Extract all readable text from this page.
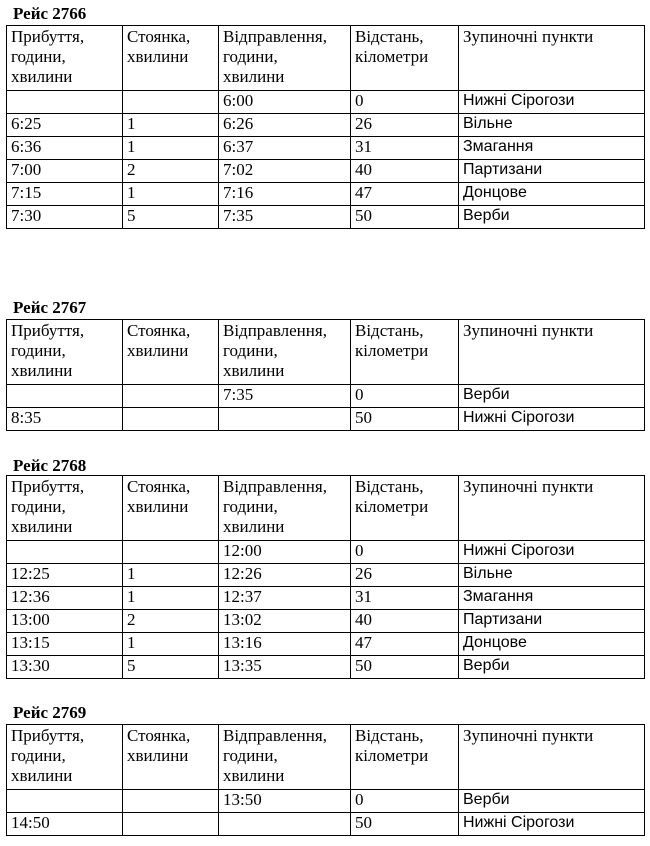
Рейс 2766
Прибуття,
години,
хвилини	Стоянка,
хвилини	Відправлення,
години,
хвилини	Відстань,
кілометри	Зупиночні пункти

		6:00	0	Нижні Сірогози
6:25	1	6:26	26	Вільне
6:36	1	6:37	31	Змагання
7:00	2	7:02	40	Партизани
7:15	1	7:16	47	Донцове
7:30	5	7:35	50	Верби
Рейс 2767
Прибуття,
години,
хвилини	Стоянка,
хвилини	Відправлення,
години,
хвилини	Відстань,
кілометри	Зупиночні пункти

		7:35	0	Верби
8:35			50	Нижні Сірогози
Рейс 2768
Прибуття,
години,
хвилини	Стоянка,
хвилини	Відправлення,
години,
хвилини	Відстань,
кілометри	Зупиночні пункти

		12:00	0	Нижні Сірогози
12:25	1	12:26	26	Вільне
12:36	1	12:37	31	Змагання
13:00	2	13:02	40	Партизани
13:15	1	13:16	47	Донцове
13:30	5	13:35	50	Верби
Рейс 2769
Прибуття,
години,
хвилини	Стоянка,
хвилини	Відправлення,
години,
хвилини	Відстань,
кілометри	Зупиночні пункти

		13:50	0	Верби
14:50			50	Нижні Сірогози
